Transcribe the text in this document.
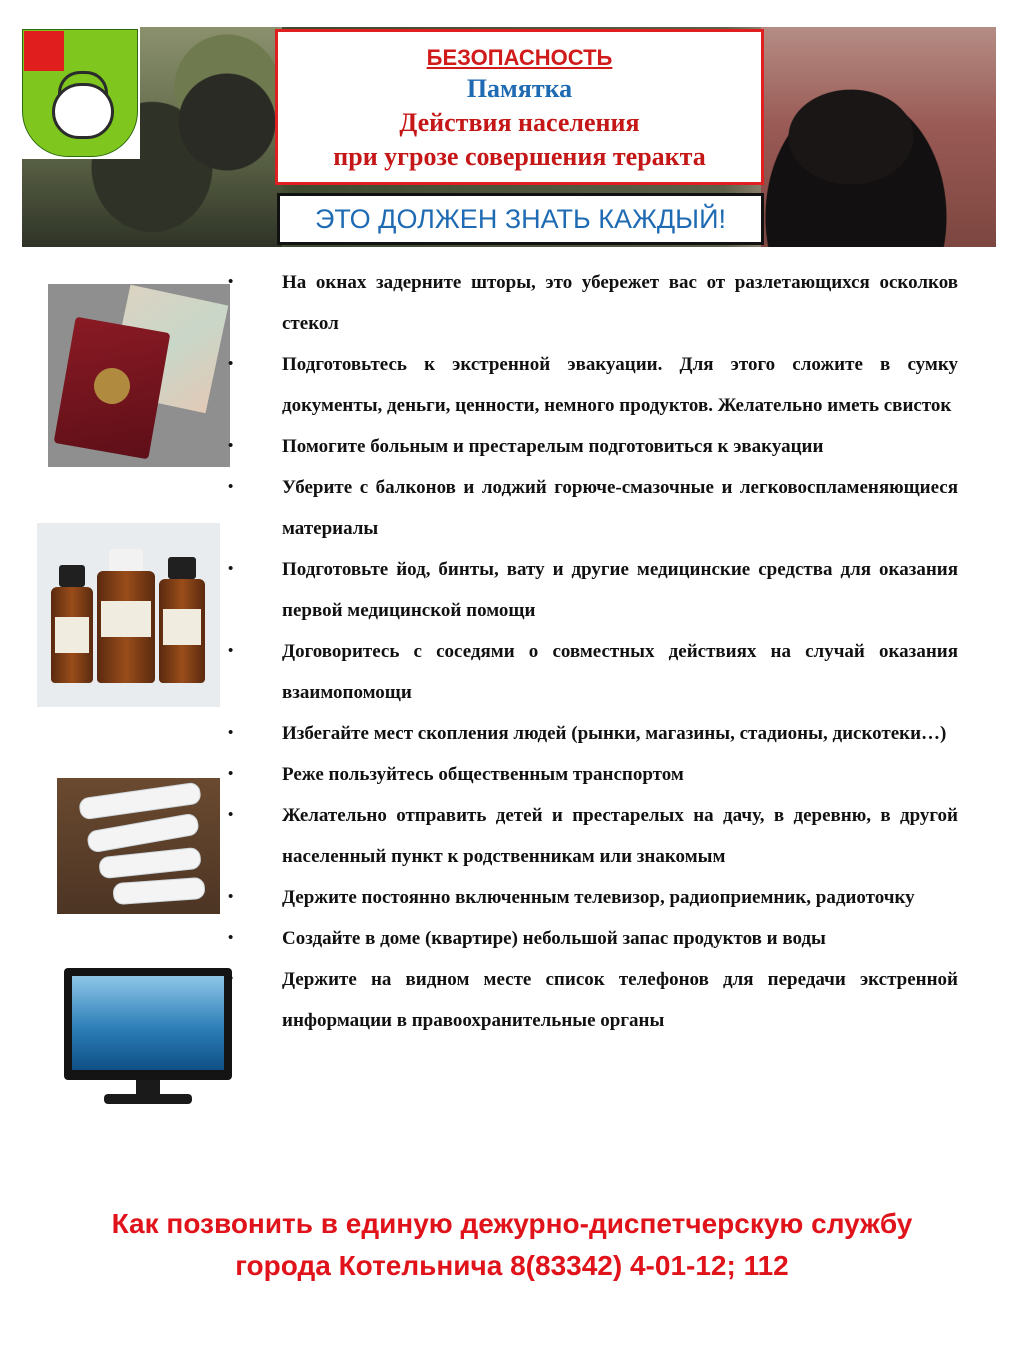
БЕЗОПАСНОСТЬ
Памятка
Действия населения
при угрозе совершения теракта
ЭТО ДОЛЖЕН ЗНАТЬ КАЖДЫЙ!
•	На окнах задерните шторы, это убережет вас от разлетающихся осколков стекол
•	Подготовьтесь к экстренной эвакуации. Для этого сложите в сумку документы, деньги, ценности, немного продуктов. Желательно иметь свисток
•	Помогите больным и престарелым подготовиться к эвакуации
•	Уберите с балконов и лоджий горюче-смазочные и легковоспламеняющиеся материалы
•	Подготовьте йод, бинты, вату и другие медицинские средства для оказания первой медицинской помощи
•	Договоритесь с соседями о совместных действиях на случай оказания взаимопомощи
•	Избегайте мест скопления людей (рынки, магазины, стадионы, дискотеки…)
•	Реже пользуйтесь общественным транспортом
•	Желательно отправить детей и престарелых на дачу, в деревню, в другой населенный пункт к родственникам или знакомым
•	Держите постоянно включенным телевизор, радиоприемник, радиоточку
•	Создайте в доме (квартире) небольшой запас продуктов и воды
•	Держите на видном месте список телефонов для передачи экстренной информации в правоохранительные органы
Как позвонить в единую дежурно-диспетчерскую службу
города Котельнича 8(83342) 4-01-12; 112
